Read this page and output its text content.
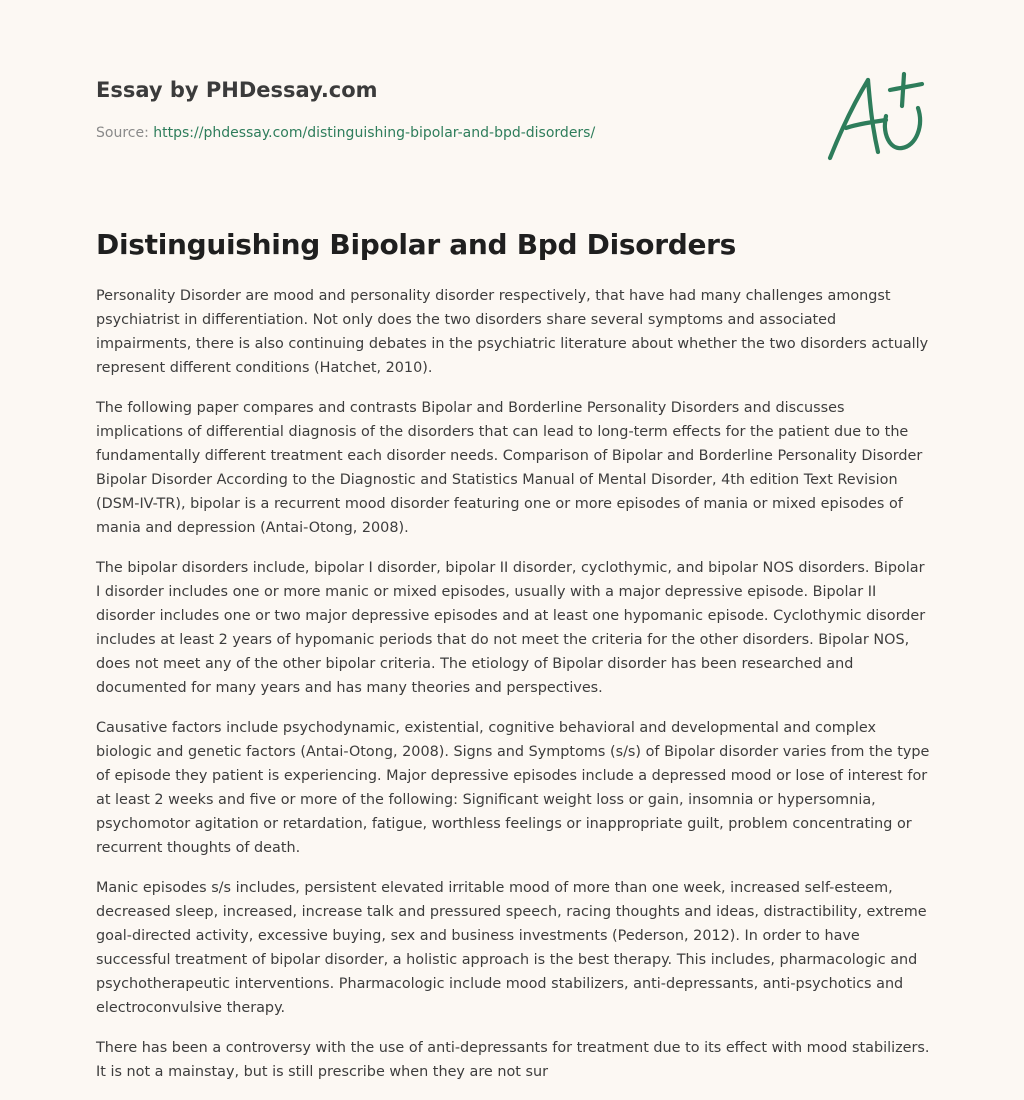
Essay by PHDessay.com
Source: https://phdessay.com/distinguishing-bipolar-and-bpd-disorders/
Distinguishing Bipolar and Bpd Disorders

Personality Disorder are mood and personality disorder respectively, that have had many challenges amongst psychiatrist in differentiation. Not only does the two disorders share several symptoms and associated impairments, there is also continuing debates in the psychiatric literature about whether the two disorders actually represent different conditions (Hatchet, 2010).

The following paper compares and contrasts Bipolar and Borderline Personality Disorders and discusses implications of differential diagnosis of the disorders that can lead to long-term effects for the patient due to the fundamentally different treatment each disorder needs. Comparison of Bipolar and Borderline Personality Disorder Bipolar Disorder According to the Diagnostic and Statistics Manual of Mental Disorder, 4th edition Text Revision (DSM-IV-TR), bipolar is a recurrent mood disorder featuring one or more episodes of mania or mixed episodes of mania and depression (Antai-Otong, 2008).

The bipolar disorders include, bipolar I disorder, bipolar II disorder, cyclothymic, and bipolar NOS disorders. Bipolar I disorder includes one or more manic or mixed episodes, usually with a major depressive episode. Bipolar II disorder includes one or two major depressive episodes and at least one hypomanic episode. Cyclothymic disorder includes at least 2 years of hypomanic periods that do not meet the criteria for the other disorders. Bipolar NOS, does not meet any of the other bipolar criteria. The etiology of Bipolar disorder has been researched and documented for many years and has many theories and perspectives.

Causative factors include psychodynamic, existential, cognitive behavioral and developmental and complex biologic and genetic factors (Antai-Otong, 2008). Signs and Symptoms (s/s) of Bipolar disorder varies from the type of episode they patient is experiencing. Major depressive episodes include a depressed mood or lose of interest for at least 2 weeks and five or more of the following: Significant weight loss or gain, insomnia or hypersomnia, psychomotor agitation or retardation, fatigue, worthless feelings or inappropriate guilt, problem concentrating or recurrent thoughts of death.

Manic episodes s/s includes, persistent elevated irritable mood of more than one week, increased self-esteem, decreased sleep, increased, increase talk and pressured speech, racing thoughts and ideas, distractibility, extreme goal-directed activity, excessive buying, sex and business investments (Pederson, 2012). In order to have successful treatment of bipolar disorder, a holistic approach is the best therapy. This includes, pharmacologic and psychotherapeutic interventions. Pharmacologic include mood stabilizers, anti-depressants, anti-psychotics and electroconvulsive therapy.

There has been a controversy with the use of anti-depressants for treatment due to its effect with mood stabilizers. It is not a mainstay, but is still prescribe when they are not sur
